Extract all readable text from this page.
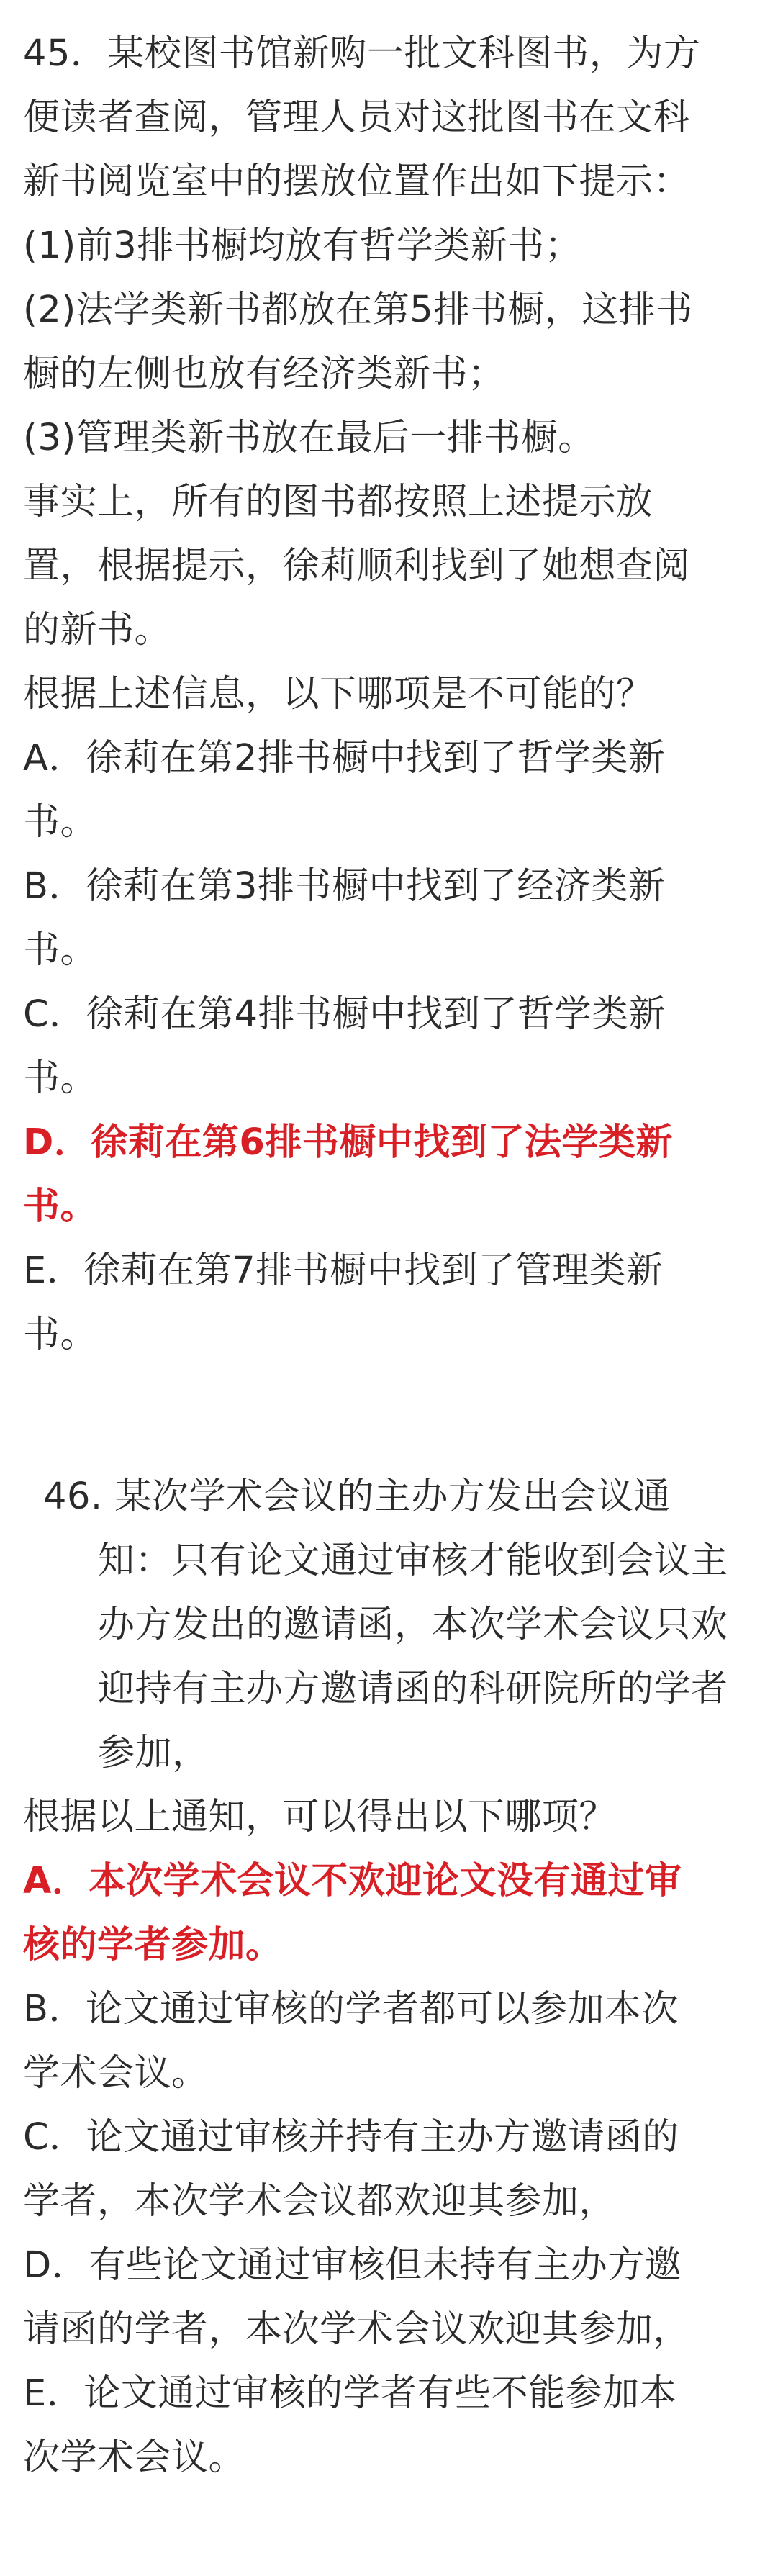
45．某校图书馆新购一批文科图书，为方
便读者查阅，管理人员对这批图书在文科
新书阅览室中的摆放位置作出如下提示：
(1)前3排书橱均放有哲学类新书；
(2)法学类新书都放在第5排书橱，这排书
橱的左侧也放有经济类新书；
(3)管理类新书放在最后一排书橱。
事实上，所有的图书都按照上述提示放
置，根据提示，徐莉顺利找到了她想查阅
的新书。
根据上述信息，以下哪项是不可能的？
A．徐莉在第2排书橱中找到了哲学类新
书。
B．徐莉在第3排书橱中找到了经济类新
书。
C．徐莉在第4排书橱中找到了哲学类新
书。
D．徐莉在第6排书橱中找到了法学类新
书。
E．徐莉在第7排书橱中找到了管理类新
书。
46. 某次学术会议的主办方发出会议通
知：只有论文通过审核才能收到会议主
办方发出的邀请函，本次学术会议只欢
迎持有主办方邀请函的科研院所的学者
参加，
根据以上通知，可以得出以下哪项？
A．本次学术会议不欢迎论文没有通过审
核的学者参加。
B．论文通过审核的学者都可以参加本次
学术会议。
C．论文通过审核并持有主办方邀请函的
学者，本次学术会议都欢迎其参加，
D．有些论文通过审核但未持有主办方邀
请函的学者，本次学术会议欢迎其参加，
E．论文通过审核的学者有些不能参加本
次学术会议。
